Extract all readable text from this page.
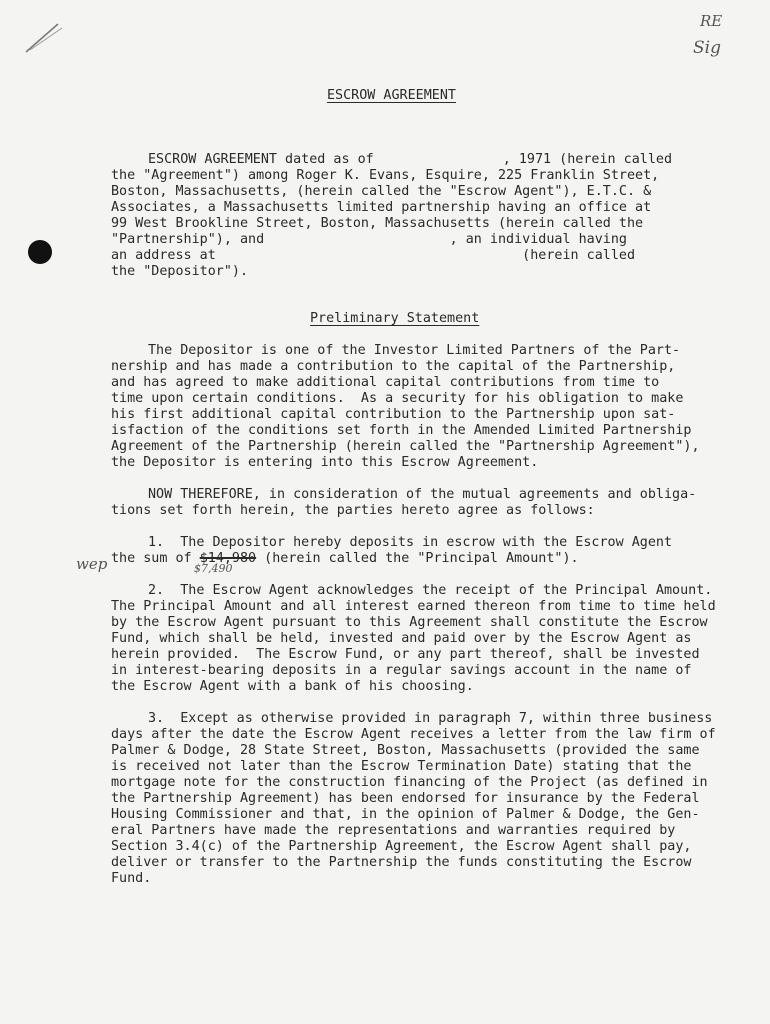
RE
Sig
ESCROW AGREEMENT
ESCROW AGREEMENT dated as of                , 1971 (herein called
the "Agreement") among Roger K. Evans, Esquire, 225 Franklin Street,
Boston, Massachusetts, (herein called the "Escrow Agent"), E.T.C. &
Associates, a Massachusetts limited partnership having an office at
99 West Brookline Street, Boston, Massachusetts (herein called the
"Partnership"), and                       , an individual having
an address at                                      (herein called
the "Depositor").
Preliminary Statement
The Depositor is one of the Investor Limited Partners of the Part-
nership and has made a contribution to the capital of the Partnership,
and has agreed to make additional capital contributions from time to
time upon certain conditions.  As a security for his obligation to make
his first additional capital contribution to the Partnership upon sat-
isfaction of the conditions set forth in the Amended Limited Partnership
Agreement of the Partnership (herein called the "Partnership Agreement"),
the Depositor is entering into this Escrow Agreement.
NOW THEREFORE, in consideration of the mutual agreements and obliga-
tions set forth herein, the parties hereto agree as follows:
1.  The Depositor hereby deposits in escrow with the Escrow Agent
the sum of $14,980 (herein called the "Principal Amount").
$7,490
wep
2.  The Escrow Agent acknowledges the receipt of the Principal Amount.
The Principal Amount and all interest earned thereon from time to time held
by the Escrow Agent pursuant to this Agreement shall constitute the Escrow
Fund, which shall be held, invested and paid over by the Escrow Agent as
herein provided.  The Escrow Fund, or any part thereof, shall be invested
in interest-bearing deposits in a regular savings account in the name of
the Escrow Agent with a bank of his choosing.
3.  Except as otherwise provided in paragraph 7, within three business
days after the date the Escrow Agent receives a letter from the law firm of
Palmer & Dodge, 28 State Street, Boston, Massachusetts (provided the same
is received not later than the Escrow Termination Date) stating that the
mortgage note for the construction financing of the Project (as defined in
the Partnership Agreement) has been endorsed for insurance by the Federal
Housing Commissioner and that, in the opinion of Palmer & Dodge, the Gen-
eral Partners have made the representations and warranties required by
Section 3.4(c) of the Partnership Agreement, the Escrow Agent shall pay,
deliver or transfer to the Partnership the funds constituting the Escrow
Fund.
